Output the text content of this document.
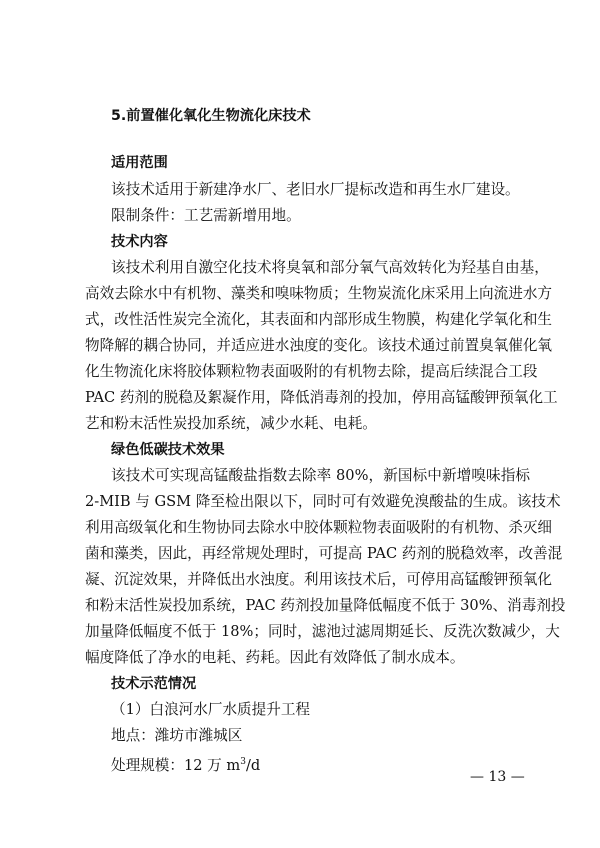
5.前置催化氧化生物流化床技术
适用范围
该技术适用于新建净水厂、老旧水厂提标改造和再生水厂建设。
限制条件：工艺需新增用地。
技术内容
该技术利用自激空化技术将臭氧和部分氧气高效转化为羟基自由基，
高效去除水中有机物、藻类和嗅味物质；生物炭流化床采用上向流进水方
式，改性活性炭完全流化，其表面和内部形成生物膜，构建化学氧化和生
物降解的耦合协同，并适应进水浊度的变化。该技术通过前置臭氧催化氧
化生物流化床将胶体颗粒物表面吸附的有机物去除，提高后续混合工段
PAC 药剂的脱稳及絮凝作用，降低消毒剂的投加，停用高锰酸钾预氧化工
艺和粉末活性炭投加系统，减少水耗、电耗。
绿色低碳技术效果
该技术可实现高锰酸盐指数去除率 80%，新国标中新增嗅味指标
2-MIB 与 GSM 降至检出限以下，同时可有效避免溴酸盐的生成。该技术
利用高级氧化和生物协同去除水中胶体颗粒物表面吸附的有机物、杀灭细
菌和藻类，因此，再经常规处理时，可提高 PAC 药剂的脱稳效率，改善混
凝、沉淀效果，并降低出水浊度。利用该技术后，可停用高锰酸钾预氧化
和粉末活性炭投加系统，PAC 药剂投加量降低幅度不低于 30%、消毒剂投
加量降低幅度不低于 18%；同时，滤池过滤周期延长、反洗次数减少，大
幅度降低了净水的电耗、药耗。因此有效降低了制水成本。
技术示范情况
（1）白浪河水厂水质提升工程
地点：潍坊市潍城区
处理规模：12 万 $m^3/d$
— 13 —
